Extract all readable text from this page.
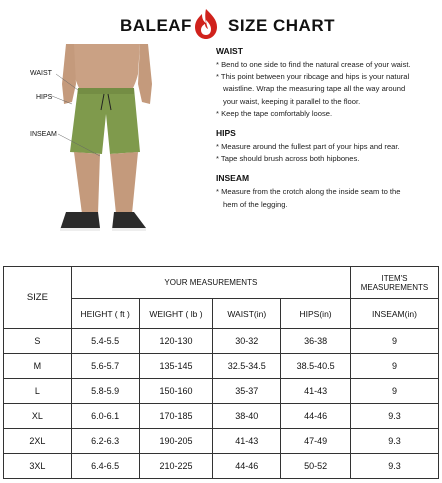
BALEAF SIZE CHART
WAIST
HIPS
INSEAM
WAIST
* Bend to one side to find the natural crease of your waist.
* This point between your ribcage and hips is your natural
waistline. Wrap the measuring tape all the way around
your waist, keeping it parallel to the floor.
* Keep the tape comfortably loose.
HIPS
* Measure around the fullest part of your hips and rear.
* Tape should brush across both hipbones.
INSEAM
* Measure from the crotch along the inside seam to the
hem of the legging.
SIZE	YOUR MEASUREMENTS				ITEM'S MEASUREMENTS
	HEIGHT ( ft )	WEIGHT ( lb )	WAIST(in)	HIPS(in)	INSEAM(in)
S	5.4-5.5	120-130	30-32	36-38	9
M	5.6-5.7	135-145	32.5-34.5	38.5-40.5	9
L	5.8-5.9	150-160	35-37	41-43	9
XL	6.0-6.1	170-185	38-40	44-46	9.3
2XL	6.2-6.3	190-205	41-43	47-49	9.3
3XL	6.4-6.5	210-225	44-46	50-52	9.3
